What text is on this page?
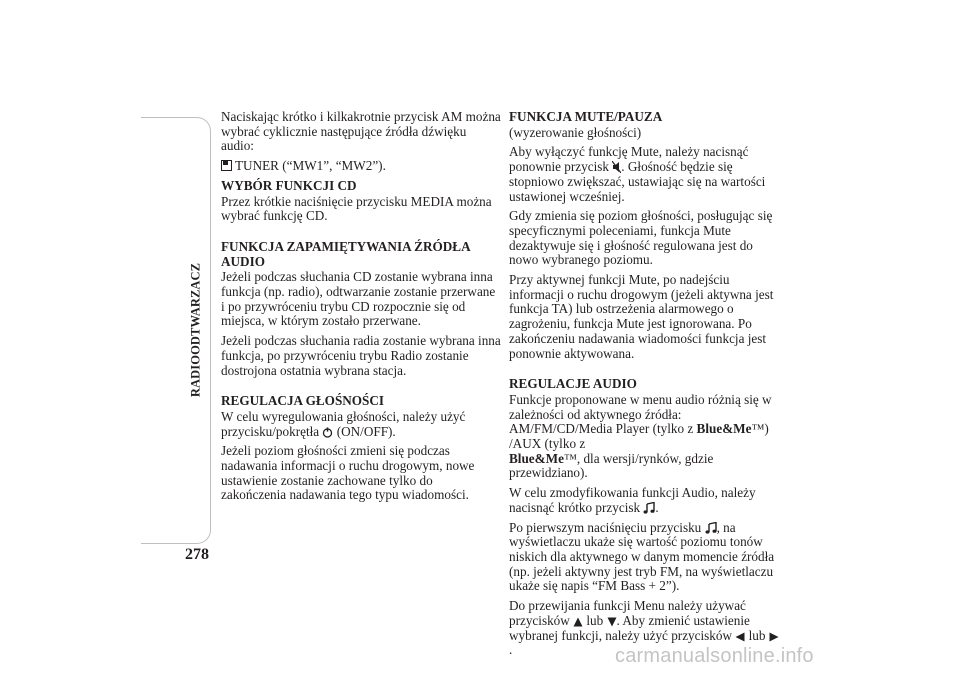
RADIOODTWARZACZ
278

Naciskając krótko i kilkakrotnie przycisk AM można wybrać cyklicznie następujące źródła dźwięku audio:

TUNER (“MW1”, “MW2”).

WYBÓR FUNKCJI CD

Przez krótkie naciśnięcie przycisku MEDIA można wybrać funkcję CD.

FUNKCJA ZAPAMIĘTYWANIA ŹRÓDŁA AUDIO

Jeżeli podczas słuchania CD zostanie wybrana inna funkcja (np. radio), odtwarzanie zostanie przerwane i po przywróceniu trybu CD rozpocznie się od miejsca, w którym zostało przerwane.

Jeżeli podczas słuchania radia zostanie wybrana inna funkcja, po przywróceniu trybu Radio zostanie dostrojona ostatnia wybrana stacja.

REGULACJA GŁOŚNOŚCI

W celu wyregulowania głośności, należy użyć przycisku/pokrętła (ON/OFF).

Jeżeli poziom głośności zmieni się podczas nadawania informacji o ruchu drogowym, nowe ustawienie zostanie zachowane tylko do zakończenia nadawania tego typu wiadomości.

FUNKCJA MUTE/PAUZA

(wyzerowanie głośności)

Aby wyłączyć funkcję Mute, należy nacisnąć ponownie przycisk . Głośność będzie się stopniowo zwiększać, ustawiając się na wartości ustawionej wcześniej.

Gdy zmienia się poziom głośności, posługując się specyficznymi poleceniami, funkcja Mute dezaktywuje się i głośność regulowana jest do nowo wybranego poziomu.

Przy aktywnej funkcji Mute, po nadejściu informacji o ruchu drogowym (jeżeli aktywna jest funkcja TA) lub ostrzeżenia alarmowego o zagrożeniu, funkcja Mute jest ignorowana. Po zakończeniu nadawania wiadomości funkcja jest ponownie aktywowana.

REGULACJE AUDIO

Funkcje proponowane w menu audio różnią się w zależności od aktywnego źródła: AM/FM/CD/Media Player (tylko z Blue&Me™) /AUX (tylko z
Blue&Me™, dla wersji/rynków, gdzie przewidziano).

W celu zmodyfikowania funkcji Audio, należy nacisnąć krótko przycisk .

Po pierwszym naciśnięciu przycisku , na wyświetlaczu ukaże się wartość poziomu tonów niskich dla aktywnego w danym momencie źródła (np. jeżeli aktywny jest tryb FM, na wyświetlaczu ukaże się napis “FM Bass + 2”).

Do przewijania funkcji Menu należy używać przycisków lub . Aby zmienić ustawienie wybranej funkcji, należy użyć przycisków lub  .	carmanualsonline.info
